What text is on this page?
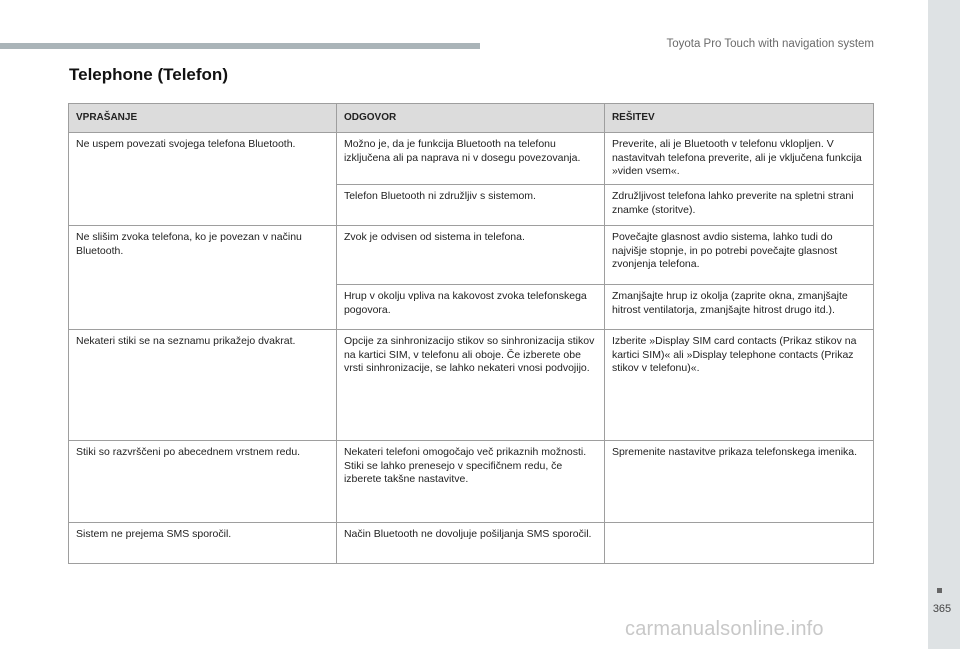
Toyota Pro Touch with navigation system
Telephone (Telefon)
VPRAŠANJE	ODGOVOR	REŠITEV
Ne uspem povezati svojega telefona Bluetooth.	Možno je, da je funkcija Bluetooth na telefonu izključena ali pa naprava ni v dosegu povezovanja.	Preverite, ali je Bluetooth v telefonu vklopljen. V nastavitvah telefona preverite, ali je vključena funkcija »viden vsem«.
	Telefon Bluetooth ni združljiv s sistemom.	Združljivost telefona lahko preverite na spletni strani znamke (storitve).
Ne slišim zvoka telefona, ko je povezan v načinu Bluetooth.	Zvok je odvisen od sistema in telefona.	Povečajte glasnost avdio sistema, lahko tudi do najvišje stopnje, in po potrebi povečajte glasnost zvonjenja telefona.
	Hrup v okolju vpliva na kakovost zvoka telefonskega pogovora.	Zmanjšajte hrup iz okolja (zaprite okna, zmanjšajte hitrost ventilatorja, zmanjšajte hitrost drugo itd.).
Nekateri stiki se na seznamu prikažejo dvakrat.	Opcije za sinhronizacijo stikov so sinhronizacija stikov na kartici SIM, v telefonu ali oboje. Če izberete obe vrsti sinhronizacije, se lahko nekateri vnosi podvojijo.	Izberite »Display SIM card contacts (Prikaz stikov na kartici SIM)« ali »Display telephone contacts (Prikaz stikov v telefonu)«.
Stiki so razvrščeni po abecednem vrstnem redu.	Nekateri telefoni omogočajo več prikaznih možnosti. Stiki se lahko prenesejo v specifičnem redu, če izberete takšne nastavitve.	Spremenite nastavitve prikaza telefonskega imenika.
Sistem ne prejema SMS sporočil.	Način Bluetooth ne dovoljuje pošiljanja SMS sporočil.	
365
carmanualsonline.info
